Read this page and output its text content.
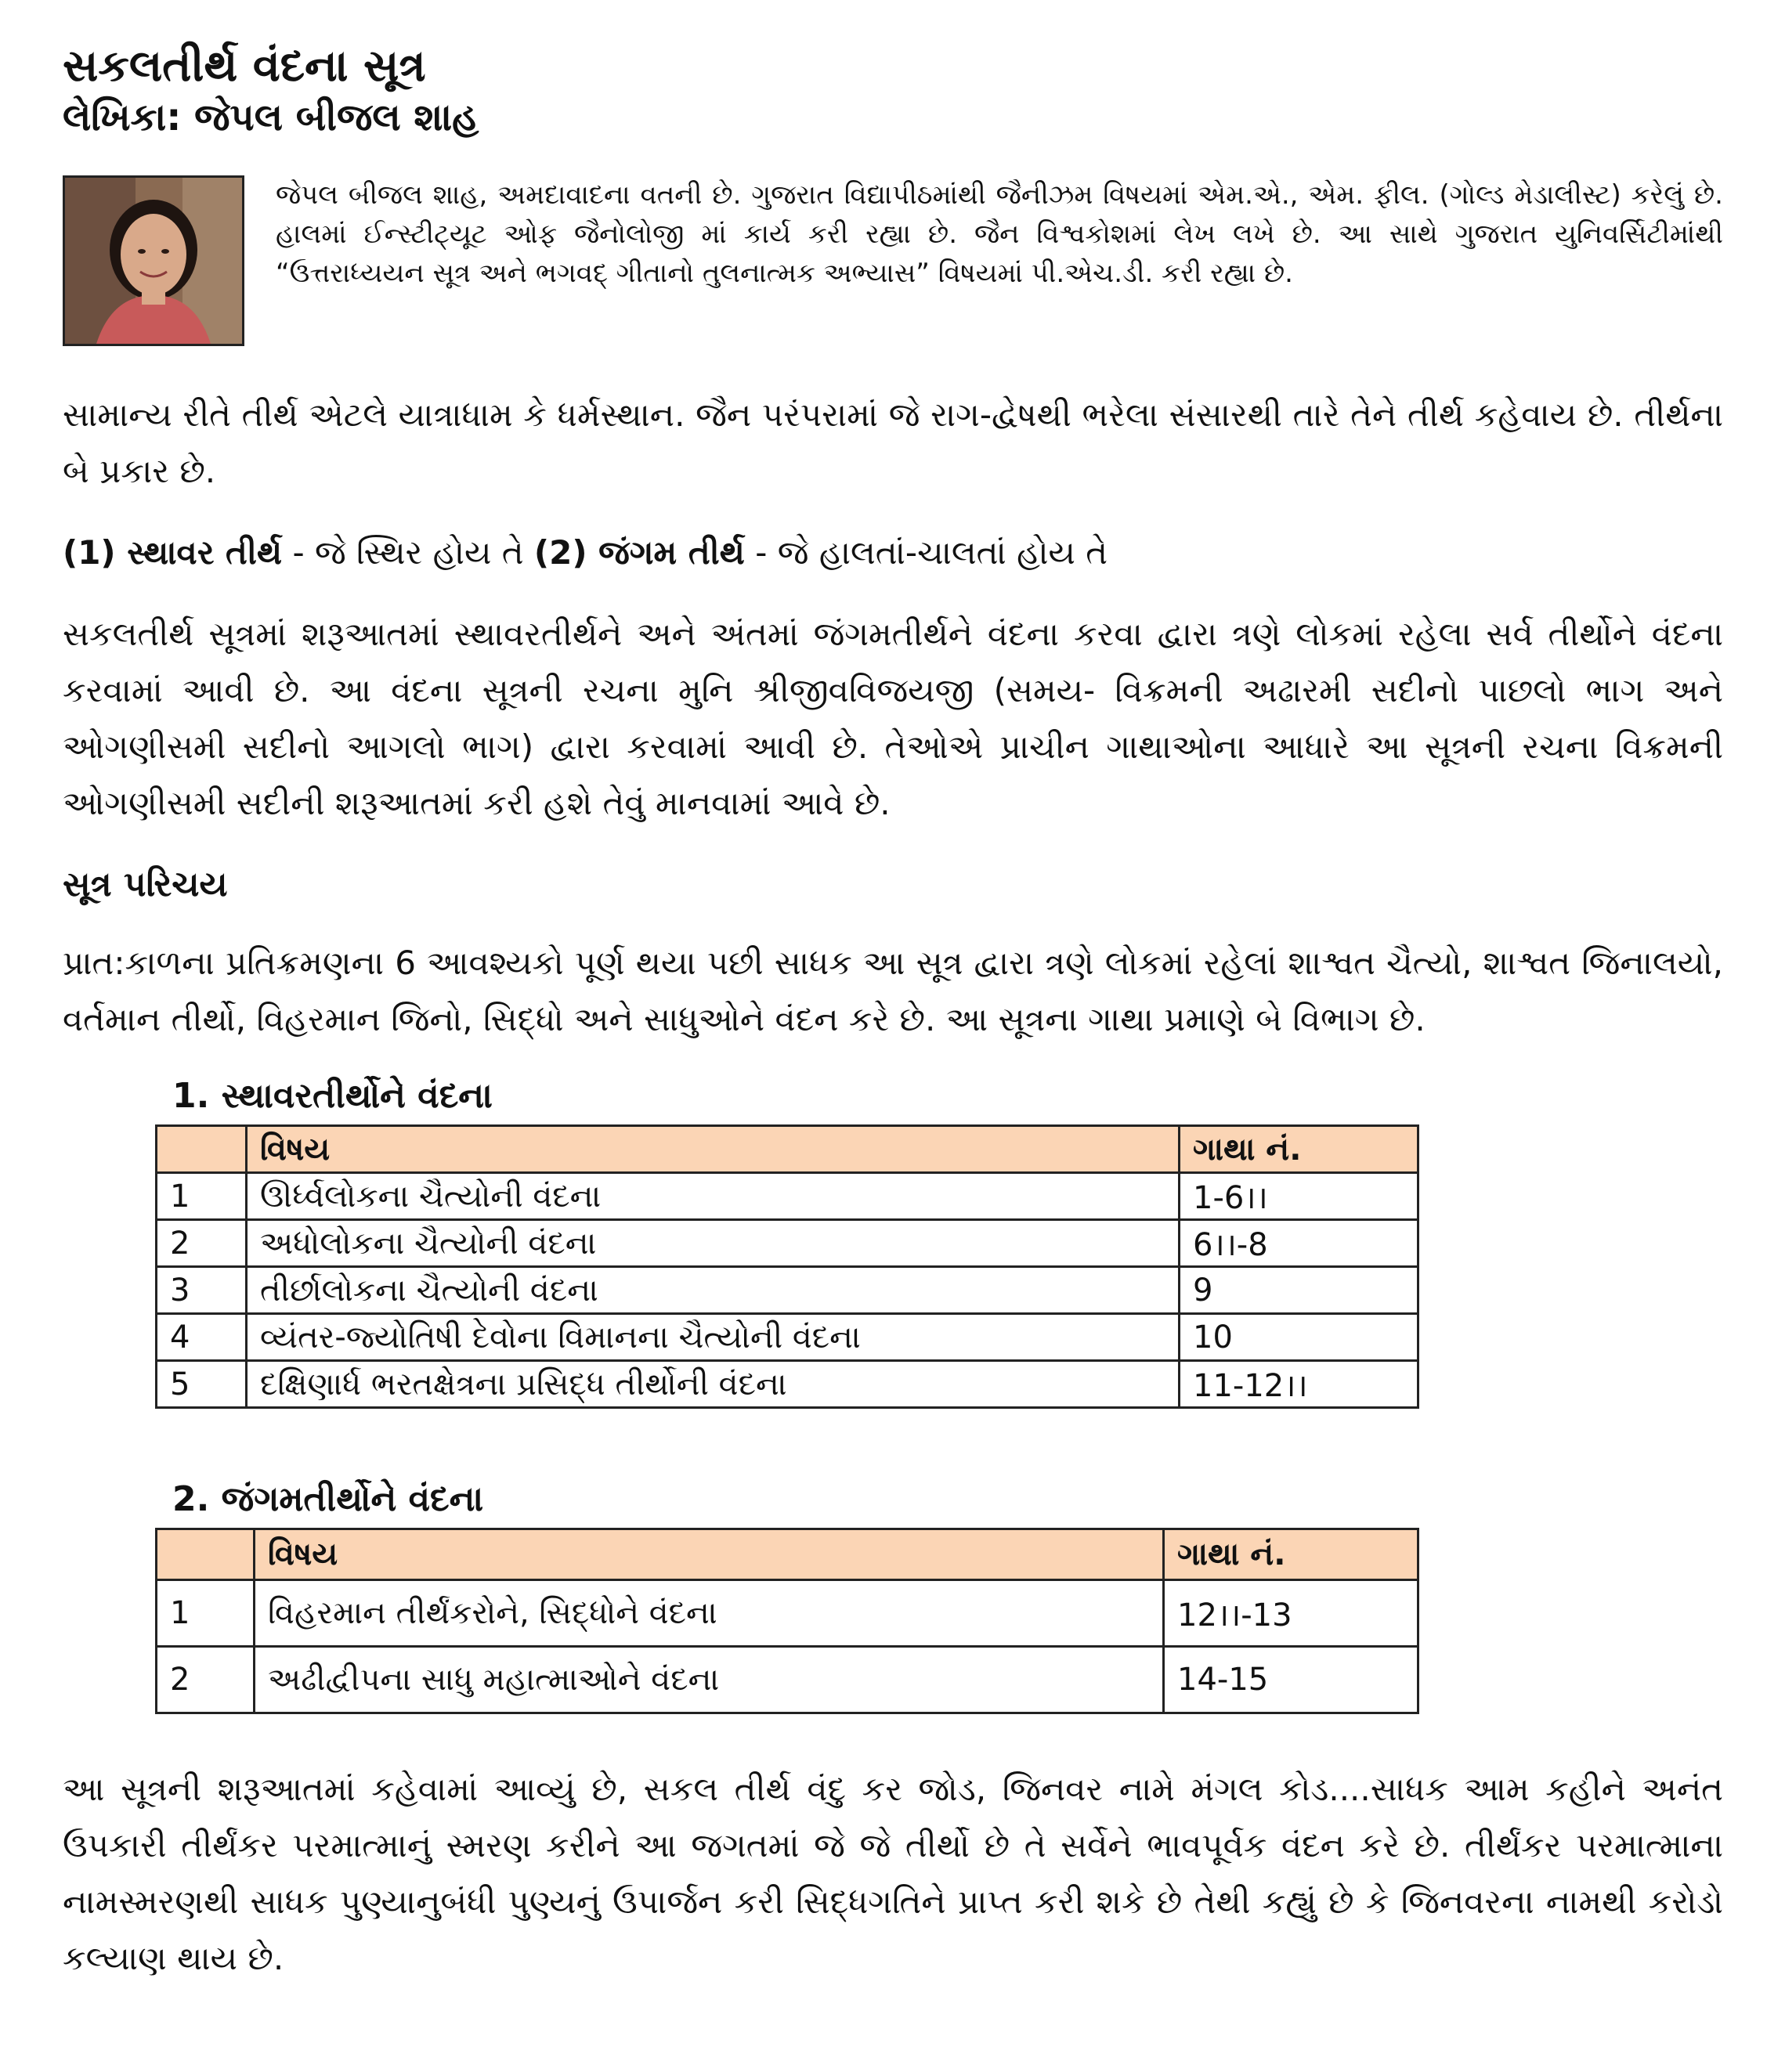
સકલતીર્થ વંદના સૂત્ર
લેખિકા: જેપલ બીજલ શાહ

જેપલ બીજલ શાહ, અમદાવાદના વતની છે. ગુજરાત વિદ્યાપીઠમાંથી જૈનીઝમ વિષયમાં એમ.એ., એમ. ફીલ. (ગોલ્ડ મેડાલીસ્ટ) કરેલું છે. હાલમાં ઈન્સ્ટીટ્યૂટ ઓફ જૈનોલોજી માં કાર્ય કરી રહ્યા છે. જૈન વિશ્વકોશમાં લેખ લખે છે. આ સાથે ગુજરાત યુનિવર્સિટીમાંથી “ઉત્તરાધ્યયન સૂત્ર અને ભગવદ્ ગીતાનો તુલનાત્મક અભ્યાસ” વિષયમાં પી.એચ.ડી. કરી રહ્યા છે.

સામાન્ય રીતે તીર્થ એટલે યાત્રાધામ કે ધર્મસ્થાન. જૈન પરંપરામાં જે રાગ-દ્વેષથી ભરેલા સંસારથી તારે તેને તીર્થ કહેવાય છે. તીર્થના બે પ્રકાર છે.

(1) સ્થાવર તીર્થ - જે સ્થિર હોય તે (2) જંગમ તીર્થ - જે હાલતાં-ચાલતાં હોય તે

સકલતીર્થ સૂત્રમાં શરૂઆતમાં સ્થાવરતીર્થને અને અંતમાં જંગમતીર્થને વંદના કરવા દ્વારા ત્રણે લોકમાં રહેલા સર્વ તીર્થોને વંદના કરવામાં આવી છે. આ વંદના સૂત્રની રચના મુનિ શ્રીજીવવિજયજી (સમય- વિક્રમની અઢારમી સદીનો પાછલો ભાગ અને ઓગણીસમી સદીનો આગલો ભાગ) દ્વારા કરવામાં આવી છે. તેઓએ પ્રાચીન ગાથાઓના આધારે આ સૂત્રની રચના વિક્રમની ઓગણીસમી સદીની શરૂઆતમાં કરી હશે તેવું માનવામાં આવે છે.

સૂત્ર પરિચય

પ્રાત:કાળના પ્રતિક્રમણના 6 આવશ્યકો પૂર્ણ થયા પછી સાધક આ સૂત્ર દ્વારા ત્રણે લોકમાં રહેલાં શાશ્વત ચૈત્યો, શાશ્વત જિનાલયો, વર્તમાન તીર્થો, વિહરમાન જિનો, સિદ્ધો અને સાધુઓને વંદન કરે છે. આ સૂત્રના ગાથા પ્રમાણે બે વિભાગ છે.

1. સ્થાવરતીર્થોને વંદના
	વિષય	ગાથા નં.
1	ઊર્ધ્વલોકના ચૈત્યોની વંદના	1-6।।
2	અધોલોકના ચૈત્યોની વંદના	6।।-8
3	તીર્છાલોકના ચૈત્યોની વંદના	9
4	વ્યંતર-જ્યોતિષી દેવોના વિમાનના ચૈત્યોની વંદના	10
5	દક્ષિણાર્ધ ભરતક્ષેત્રના પ્રસિદ્ધ તીર્થોની વંદના	11-12।।
2. જંગમતીર્થોને વંદના
	વિષય	ગાથા નં.
1	વિહરમાન તીર્થંકરોને, સિદ્ધોને વંદના	12।।-13
2	અઢીદ્વીપના સાધુ મહાત્માઓને વંદના	14-15

આ સૂત્રની શરૂઆતમાં કહેવામાં આવ્યું છે, સકલ તીર્થ વંદુ કર જોડ, જિનવર નામે મંગલ કોડ....સાધક આમ કહીને અનંત ઉપકારી તીર્થંકર પરમાત્માનું સ્મરણ કરીને આ જગતમાં જે જે તીર્થો છે તે સર્વેને ભાવપૂર્વક વંદન કરે છે. તીર્થંકર પરમાત્માના નામસ્મરણથી સાધક પુણ્યાનુબંધી પુણ્યનું ઉપાર્જન કરી સિદ્ધગતિને પ્રાપ્ત કરી શકે છે તેથી કહ્યું છે કે જિનવરના નામથી કરોડો કલ્યાણ થાય છે.
